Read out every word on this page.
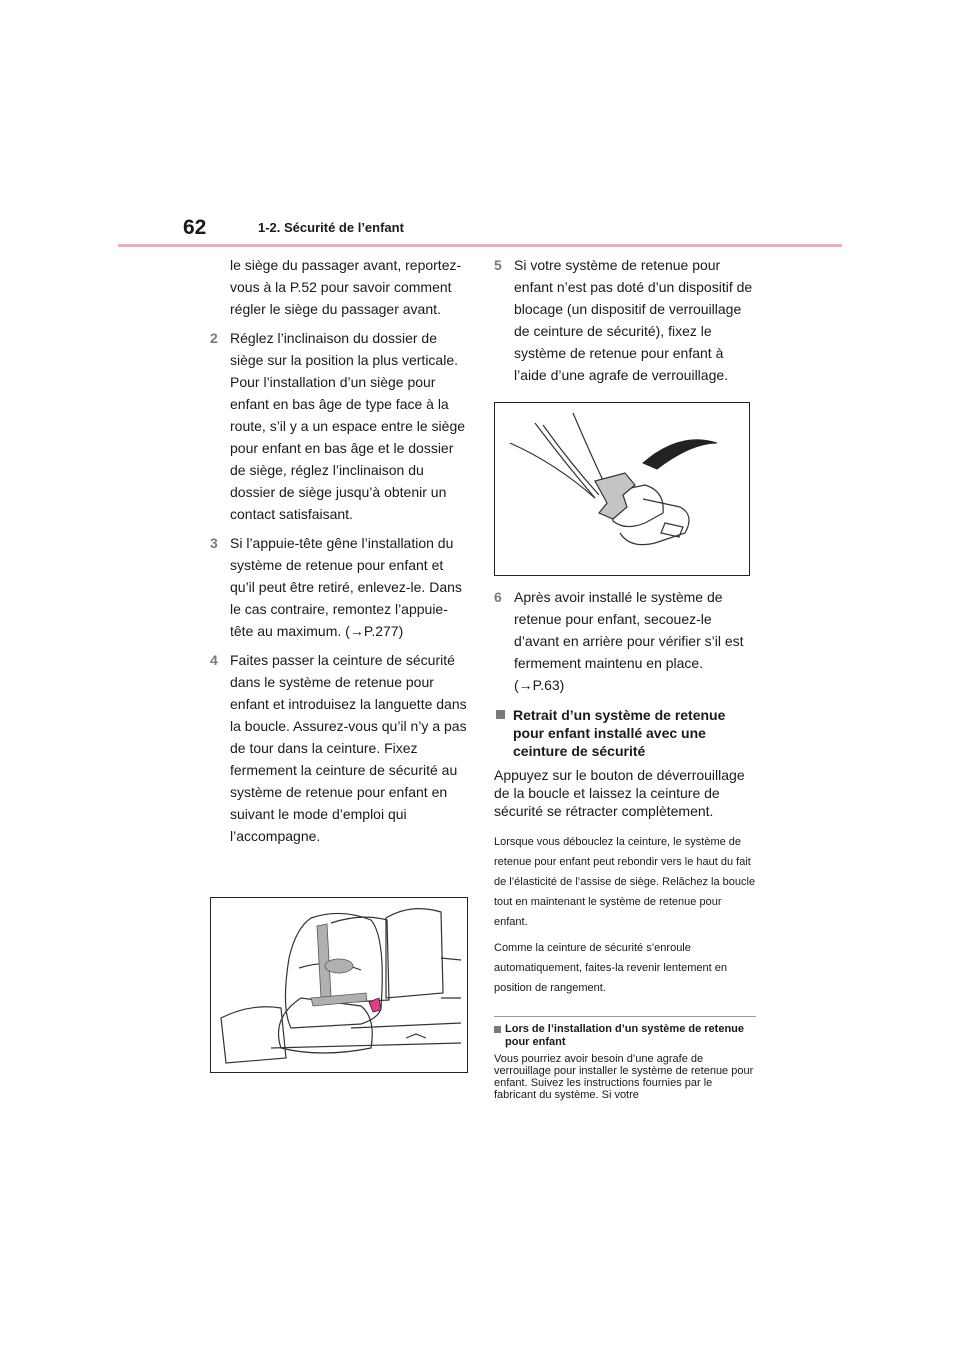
62	1-2. Sécurité de l’enfant

le siège du passager avant, reportez-vous à la P.52 pour savoir comment régler le siège du passager avant.

2 Réglez l’inclinaison du dossier de siège sur la position la plus verticale. Pour l’installation d’un siège pour enfant en bas âge de type face à la route, s’il y a un espace entre le siège pour enfant en bas âge et le dossier de siège, réglez l’inclinaison du dossier de siège jusqu’à obtenir un contact satisfaisant.

3 Si l’appuie-tête gêne l’installation du système de retenue pour enfant et qu’il peut être retiré, enlevez-le. Dans le cas contraire, remontez l’appuie-tête au maximum. (→P.277)

4 Faites passer la ceinture de sécurité dans le système de retenue pour enfant et introduisez la languette dans la boucle. Assurez-vous qu’il n’y a pas de tour dans la ceinture. Fixez fermement la ceinture de sécurité au système de retenue pour enfant en suivant le mode d’emploi qui l’accompagne.

5 Si votre système de retenue pour enfant n’est pas doté d’un dispositif de blocage (un dispositif de verrouillage de ceinture de sécurité), fixez le système de retenue pour enfant à l’aide d’une agrafe de verrouillage.

6 Après avoir installé le système de retenue pour enfant, secouez-le d’avant en arrière pour vérifier s’il est fermement maintenu en place. (→P.63)

Retrait d’un système de retenue pour enfant installé avec une ceinture de sécurité

Appuyez sur le bouton de déverrouillage de la boucle et laissez la ceinture de sécurité se rétracter complètement.

Lorsque vous débouclez la ceinture, le système de retenue pour enfant peut rebondir vers le haut du fait de l’élasticité de l’assise de siège. Relâchez la boucle tout en maintenant le système de retenue pour enfant.

Comme la ceinture de sécurité s’enroule automatiquement, faites-la revenir lentement en position de rangement.

Lors de l’installation d’un système de retenue pour enfant

Vous pourriez avoir besoin d’une agrafe de verrouillage pour installer le système de retenue pour enfant. Suivez les instructions fournies par le fabricant du système. Si votre
